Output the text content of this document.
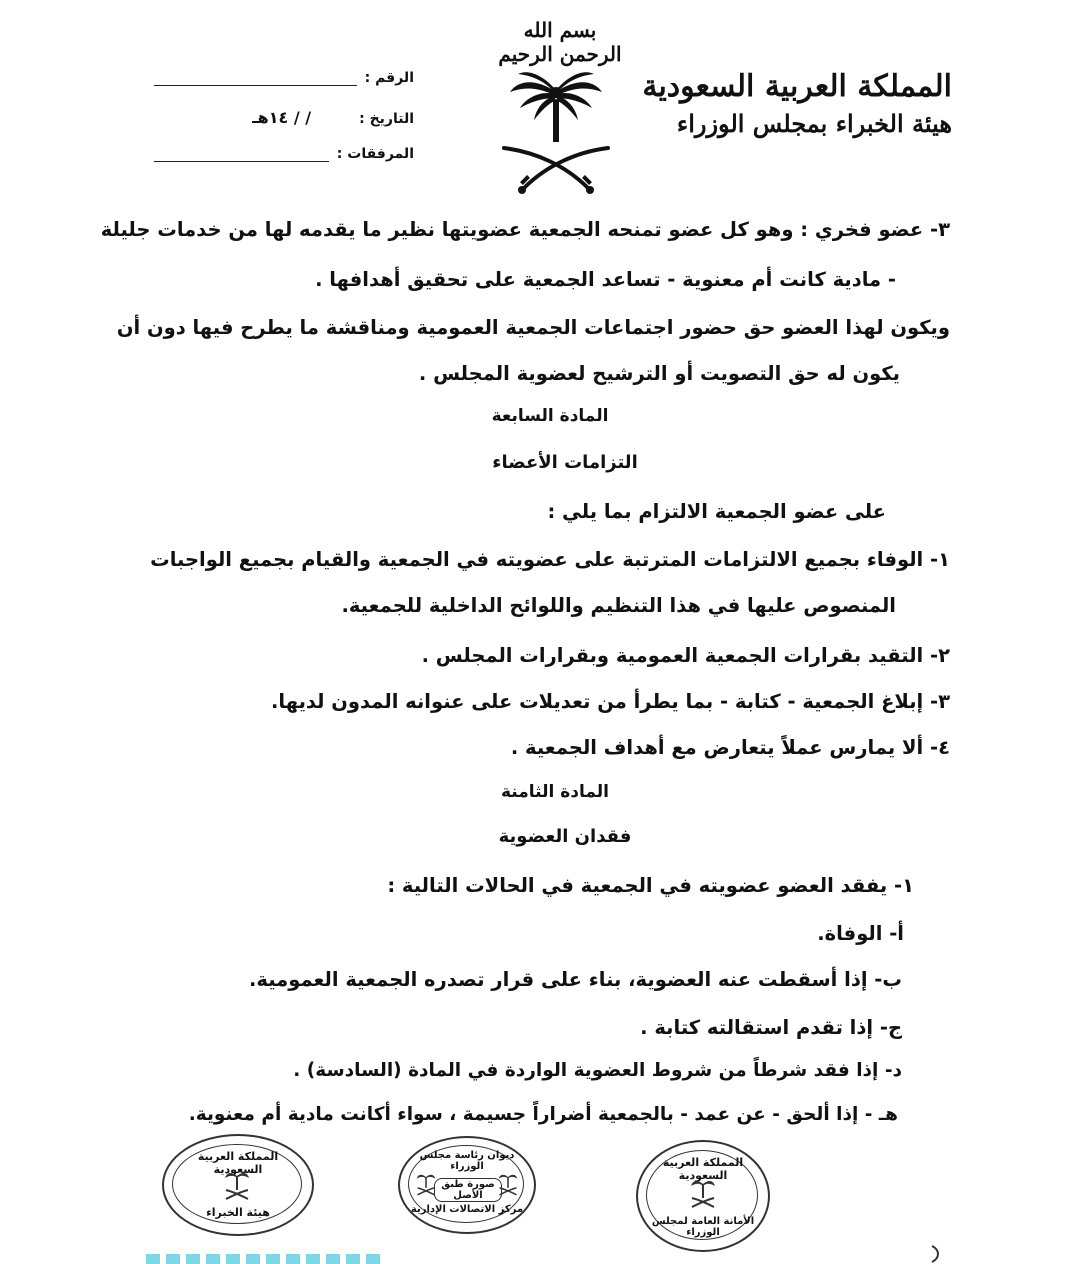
بسم الله الرحمن الرحيم
المملكة العربية السعودية
هيئة الخبراء بمجلس الوزراء
الرقم :
التاريخ :
/ / ١٤هـ
المرفقات :
٣- عضو فخري : وهو كل عضو تمنحه الجمعية عضويتها نظير ما يقدمه لها من خدمات جليلة
- مادية كانت أم معنوية - تساعد الجمعية على تحقيق أهدافها .
ويكون لهذا العضو حق حضور اجتماعات الجمعية العمومية ومناقشة ما يطرح فيها دون أن
يكون له حق التصويت أو الترشيح لعضوية المجلس .
المادة السابعة
التزامات الأعضاء
على عضو الجمعية الالتزام بما يلي :
١- الوفاء بجميع الالتزامات المترتبة على عضويته في الجمعية والقيام بجميع الواجبات
المنصوص عليها في هذا التنظيم واللوائح الداخلية للجمعية.
٢- التقيد بقرارات الجمعية العمومية وبقرارات المجلس .
٣- إبلاغ الجمعية - كتابة - بما يطرأ من تعديلات على عنوانه المدون لديها.
٤- ألا يمارس عملاً يتعارض مع أهداف الجمعية .
المادة الثامنة
فقدان العضوية
١- يفقد العضو عضويته في الجمعية في الحالات التالية :
أ- الوفاة.
ب- إذا أسقطت عنه العضوية، بناء على قرار تصدره الجمعية العمومية.
ج- إذا تقدم استقالته كتابة .
د- إذا فقد شرطاً من شروط العضوية الواردة في المادة (السادسة) .
هـ - إذا ألحق - عن عمد - بالجمعية أضراراً جسيمة ، سواء أكانت مادية أم معنوية.
المملكة العربية السعودية
الأمانة العامة لمجلس الوزراء
ديوان رئاسة مجلس الوزراء
صورة طبق الأصل
مركز الاتصالات الإدارية
المملكة العربية السعودية
هيئة الخبراء
